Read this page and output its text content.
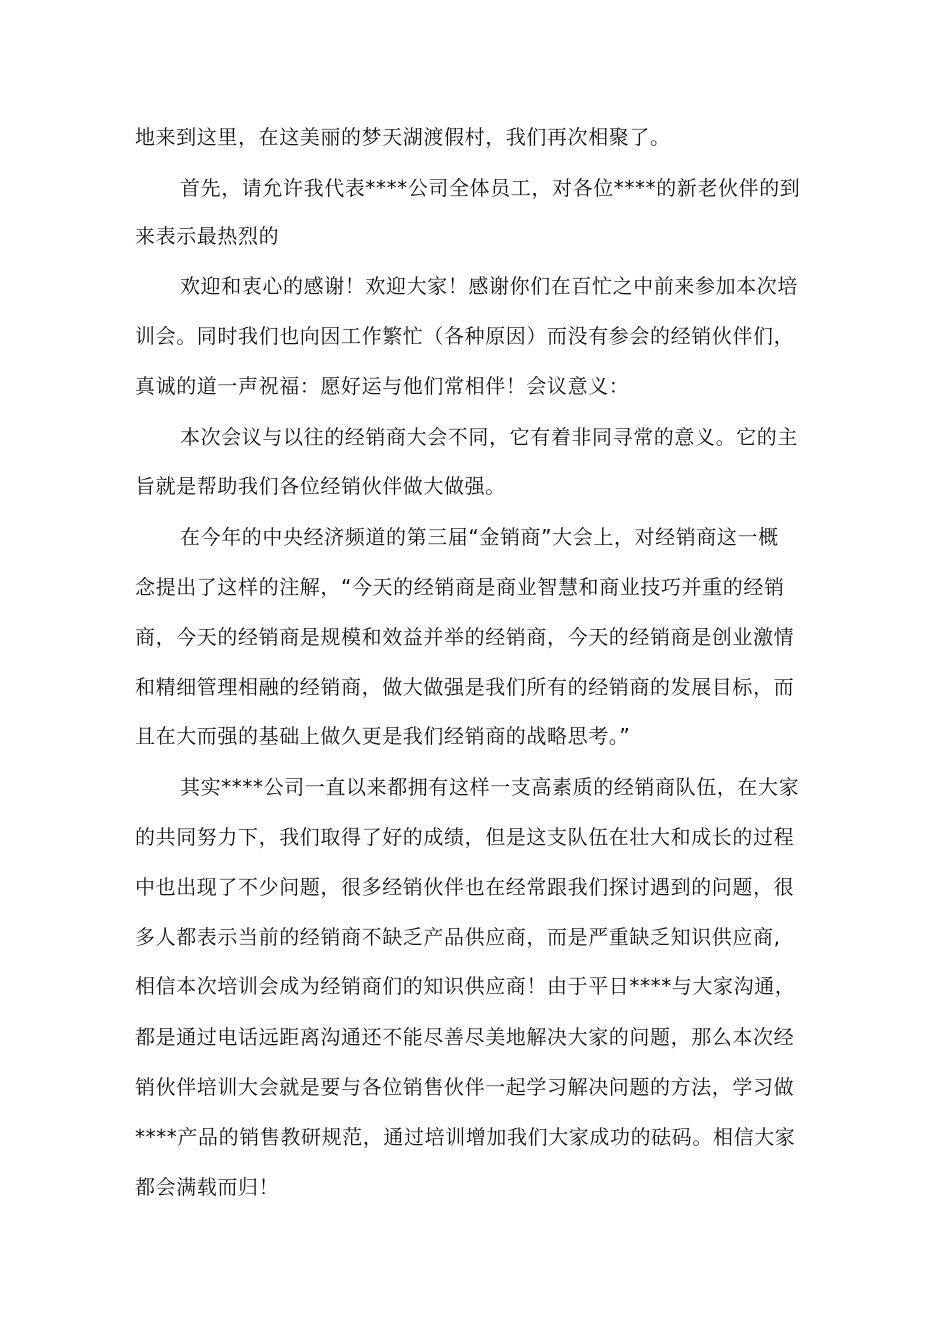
地来到这里，在这美丽的梦天湖渡假村，我们再次相聚了。
首先，请允许我代表****公司全体员工，对各位****的新老伙伴的到
来表示最热烈的
欢迎和衷心的感谢！欢迎大家！感谢你们在百忙之中前来参加本次培
训会。同时我们也向因工作繁忙（各种原因）而没有参会的经销伙伴们，
真诚的道一声祝福：愿好运与他们常相伴！会议意义：
本次会议与以往的经销商大会不同，它有着非同寻常的意义。它的主
旨就是帮助我们各位经销伙伴做大做强。
在今年的中央经济频道的第三届“金销商”大会上，对经销商这一概
念提出了这样的注解，“今天的经销商是商业智慧和商业技巧并重的经销
商，今天的经销商是规模和效益并举的经销商，今天的经销商是创业激情
和精细管理相融的经销商，做大做强是我们所有的经销商的发展目标，而
且在大而强的基础上做久更是我们经销商的战略思考。”
其实****公司一直以来都拥有这样一支高素质的经销商队伍，在大家
的共同努力下，我们取得了好的成绩，但是这支队伍在壮大和成长的过程
中也出现了不少问题，很多经销伙伴也在经常跟我们探讨遇到的问题，很
多人都表示当前的经销商不缺乏产品供应商，而是严重缺乏知识供应商,
相信本次培训会成为经销商们的知识供应商！由于平日****与大家沟通，
都是通过电话远距离沟通还不能尽善尽美地解决大家的问题，那么本次经
销伙伴培训大会就是要与各位销售伙伴一起学习解决问题的方法，学习做
****产品的销售教研规范，通过培训增加我们大家成功的砝码。相信大家
都会满载而归！
